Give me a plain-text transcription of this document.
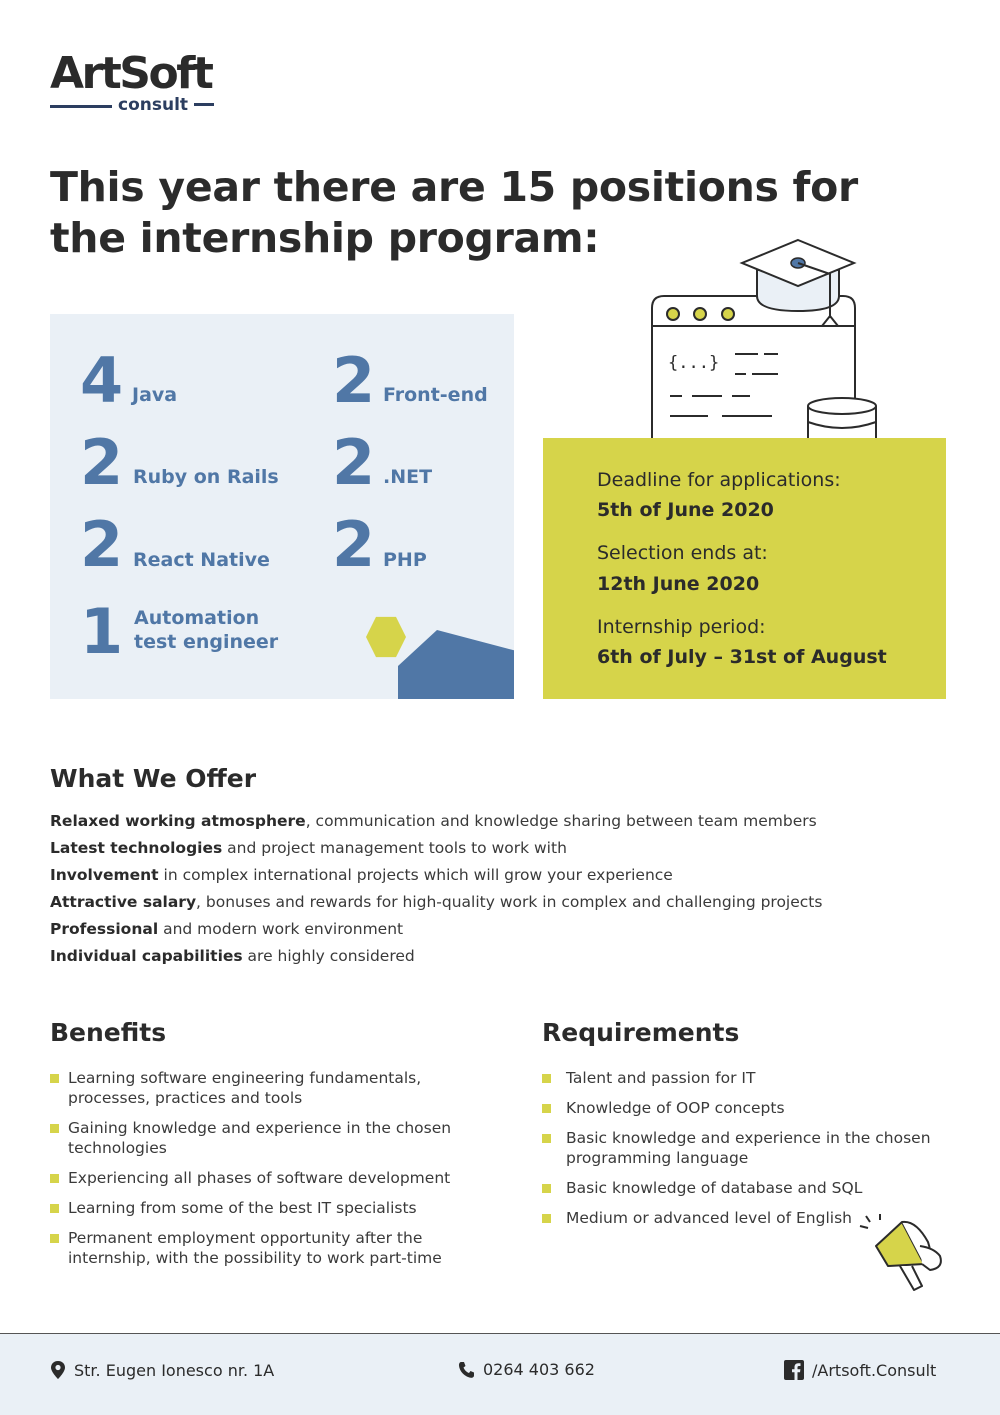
ArtSoft
consult
This year there are 15 positions for the internship program:
4 Java 2 Front-end
2 Ruby on Rails 2 .NET
2 React Native 2 PHP
1 Automation test engineer
{...}
Deadline for applications:
5th of June 2020
Selection ends at:
12th June 2020
Internship period:
6th of July – 31st of August
What We Offer
Relaxed working atmosphere, communication and knowledge sharing between team members
Latest technologies and project management tools to work with
Involvement in complex international projects which will grow your experience
Attractive salary, bonuses and rewards for high-quality work in complex and challenging projects
Professional and modern work environment
Individual capabilities are highly considered
Benefits
Learning software engineering fundamentals, processes, practices and tools
Gaining knowledge and experience in the chosen technologies
Experiencing all phases of software development
Learning from some of the best IT specialists
Permanent employment opportunity after the internship, with the possibility to work part-time
Requirements
Talent and passion for IT
Knowledge of OOP concepts
Basic knowledge and experience in the chosen programming language
Basic knowledge of database and SQL
Medium or advanced level of English
Str. Eugen Ionesco nr. 1A	0264 403 662	/Artsoft.Consult
